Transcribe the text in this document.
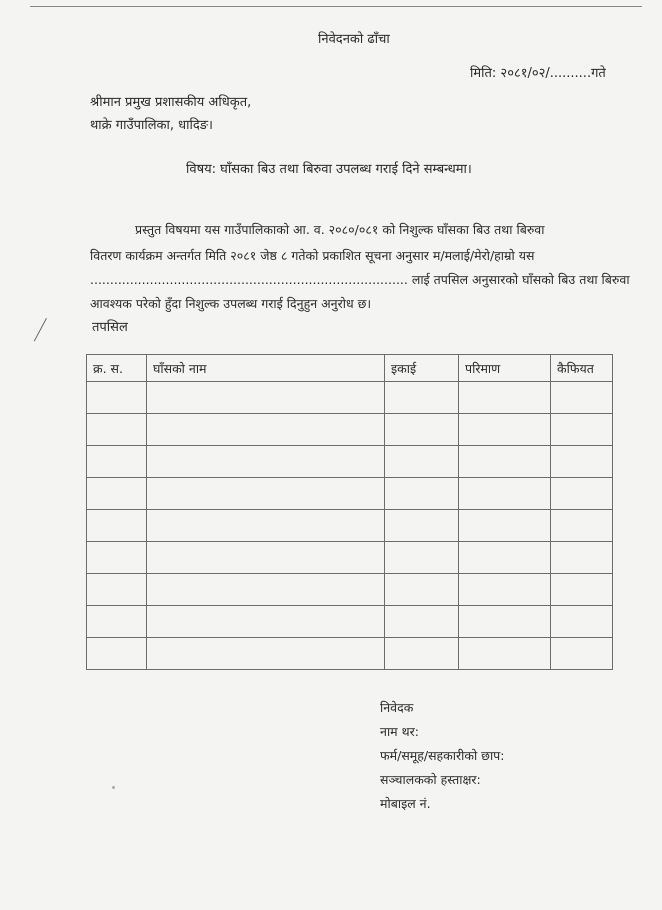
निवेदनको ढाँचा
मिति: २०८१/०२/..........गते
श्रीमान प्रमुख प्रशासकीय अधिकृत,
थाक्रे गाउँपालिका, धादिङ।
विषय: घाँसका बिउ तथा बिरुवा उपलब्ध गराई दिने सम्बन्धमा।
प्रस्तुत विषयमा यस गाउँपालिकाको आ. व. २०८०/०८१ को निशुल्क घाँसका बिउ तथा बिरुवा
वितरण कार्यक्रम अन्तर्गत मिति २०८१ जेष्ठ ८ गतेको प्रकाशित सूचना अनुसार म/मलाई/मेरो/हाम्रो यस
................................................................................ लाई तपसिल अनुसारको घाँसको बिउ तथा बिरुवा
आवश्यक परेको हुँदा निशुल्क उपलब्ध गराई दिनुहुन अनुरोध छ।
तपसिल
क्र. स.	घाँसको नाम	इकाई	परिमाण	कैफियत

निवेदक
नाम थर:
फर्म/समूह/सहकारीको छाप:
सञ्चालकको हस्ताक्षर:
मोबाइल नं.
